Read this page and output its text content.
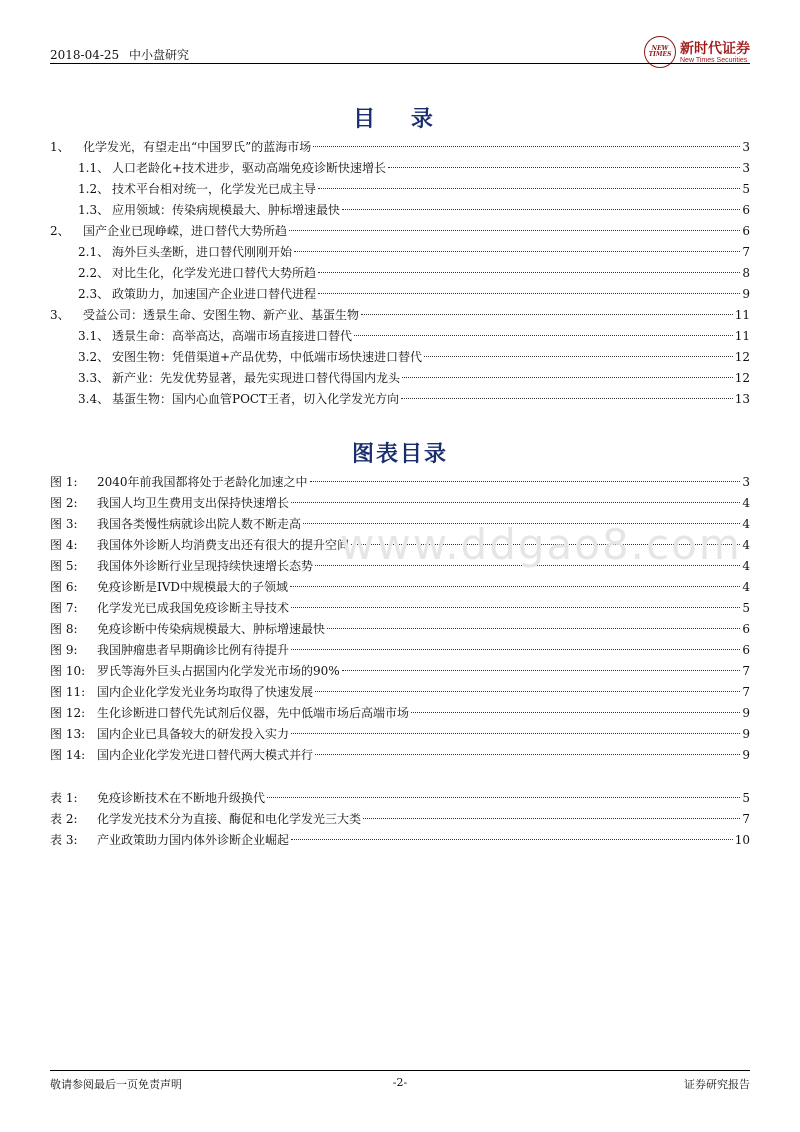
2018-04-25 中小盘研究	NEW TIMES 新时代证券
New Times Securities
目 录
1、	化学发光，有望走出“中国罗氏”的蓝海市场	3
1.1、 人口老龄化+技术进步，驱动高端免疫诊断快速增长	3
1.2、 技术平台相对统一，化学发光已成主导	5
1.3、 应用领域：传染病规模最大、肿标增速最快	6
2、	国产企业已现峥嵘，进口替代大势所趋	6
2.1、 海外巨头垄断，进口替代刚刚开始	7
2.2、 对比生化，化学发光进口替代大势所趋	8
2.3、 政策助力，加速国产企业进口替代进程	9
3、	受益公司：透景生命、安图生物、新产业、基蛋生物	11
3.1、 透景生命：高举高达，高端市场直接进口替代	11
3.2、 安图生物：凭借渠道+产品优势，中低端市场快速进口替代	12
3.3、 新产业：先发优势显著，最先实现进口替代得国内龙头	12
3.4、 基蛋生物：国内心血管POCT王者，切入化学发光方向	13
图表目录
图 1:	2040年前我国都将处于老龄化加速之中	3
图 2:	我国人均卫生费用支出保持快速增长	4
图 3:	我国各类慢性病就诊出院人数不断走高	4
图 4:	我国体外诊断人均消费支出还有很大的提升空间	4
图 5:	我国体外诊断行业呈现持续快速增长态势	4
图 6:	免疫诊断是IVD中规模最大的子领域	4
图 7:	化学发光已成我国免疫诊断主导技术	5
图 8:	免疫诊断中传染病规模最大、肿标增速最快	6
图 9:	我国肿瘤患者早期确诊比例有待提升	6
图 10: 罗氏等海外巨头占据国内化学发光市场的90%	7
图 11: 国内企业化学发光业务均取得了快速发展	7
图 12: 生化诊断进口替代先试剂后仪器，先中低端市场后高端市场	9
图 13: 国内企业已具备较大的研发投入实力	9
图 14: 国内企业化学发光进口替代两大模式并行	9
表 1:	免疫诊断技术在不断地升级换代	5
表 2:	化学发光技术分为直接、酶促和电化学发光三大类	7
表 3:	产业政策助力国内体外诊断企业崛起	10
www.ddgao8.com
敬请参阅最后一页免责声明	-2-	证券研究报告
